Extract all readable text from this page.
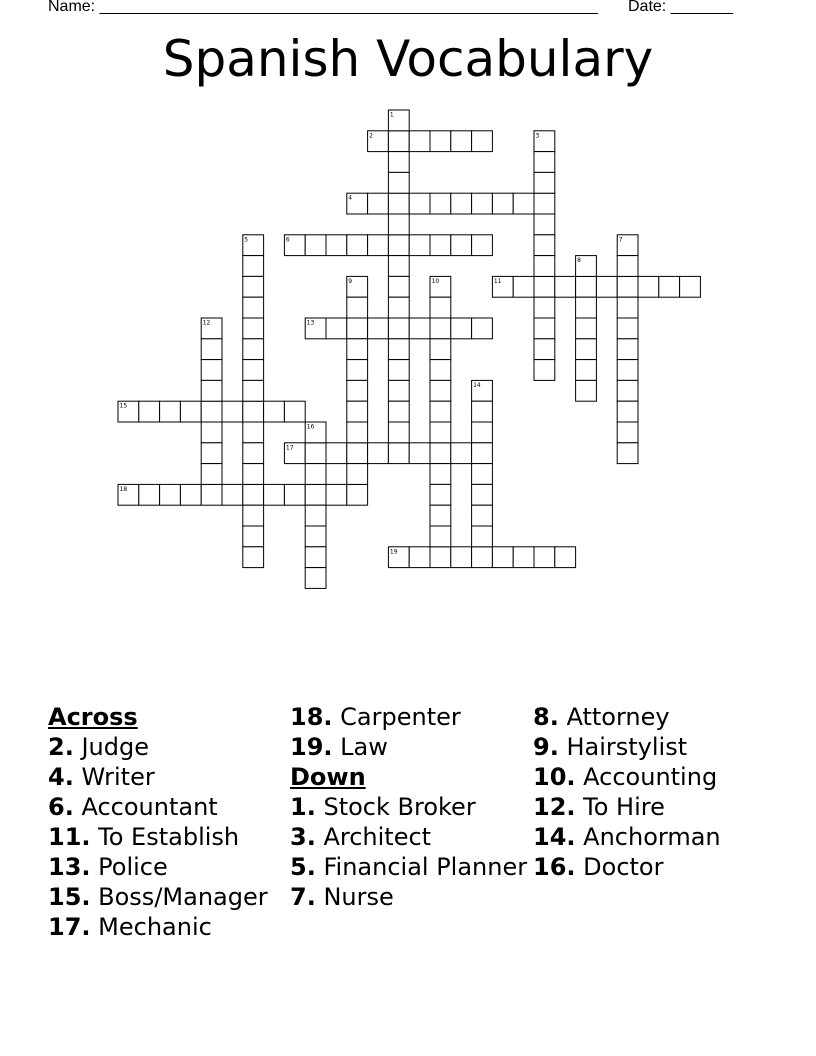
Name: ________________________________________________________ Date: _______
Spanish Vocabulary
2
4
6
11
13
15
17
18
19
1
3
5	7
8
9	10
12
14
16
Across
2. Judge
4. Writer
6. Accountant
11. To Establish
13. Police
15. Boss/Manager
17. Mechanic
18. Carpenter
19. Law
Down
1. Stock Broker
3. Architect
5. Financial Planner
7. Nurse
8. Attorney
9. Hairstylist
10. Accounting
12. To Hire
14. Anchorman
16. Doctor
